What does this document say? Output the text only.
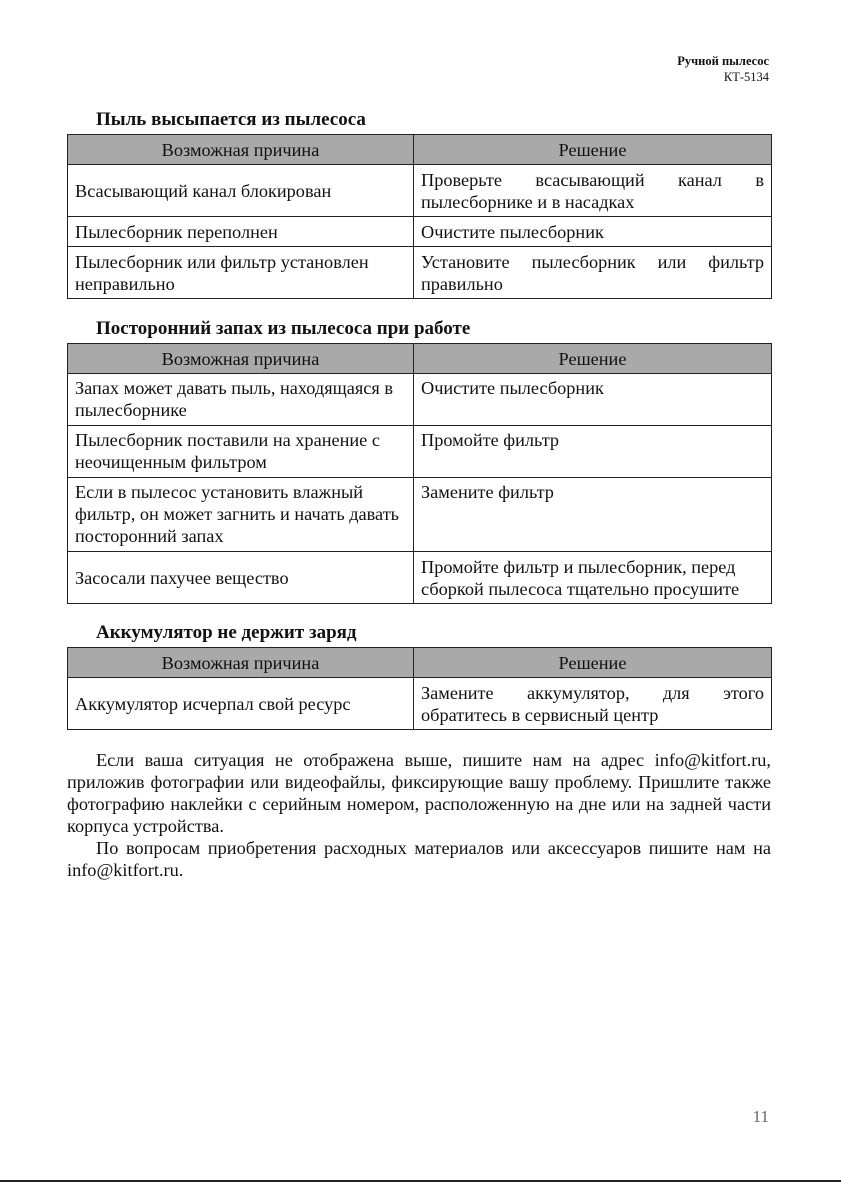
Ручной пылесос
КТ-5134
Пыль высыпается из пылесоса
Возможная причина	Решение
Всасывающий канал блокирован	Проверьте всасывающий канал в пылесборнике и в насадках
Пылесборник переполнен	Очистите пылесборник
Пылесборник или фильтр установлен неправильно	Установите пылесборник или фильтр правильно
Посторонний запах из пылесоса при работе
Возможная причина	Решение
Запах может давать пыль, находящаяся в пылесборнике	Очистите пылесборник
Пылесборник поставили на хранение с неочищенным фильтром	Промойте фильтр
Если в пылесос установить влажный фильтр, он может загнить и начать давать посторонний запах	Замените фильтр
Засосали пахучее вещество	Промойте фильтр и пылесборник, перед сборкой пылесоса тщательно просушите
Аккумулятор не держит заряд
Возможная причина	Решение
Аккумулятор исчерпал свой ресурс	Замените аккумулятор, для этого обратитесь в сервисный центр

Если ваша ситуация не отображена выше, пишите нам на адрес info@kitfort.ru, приложив фотографии или видеофайлы, фиксирующие вашу проблему. Пришлите также фотографию наклейки с серийным номером, расположенную на дне или на задней части корпуса устройства.

По вопросам приобретения расходных материалов или аксессуаров пишите нам на info@kitfort.ru.

11
